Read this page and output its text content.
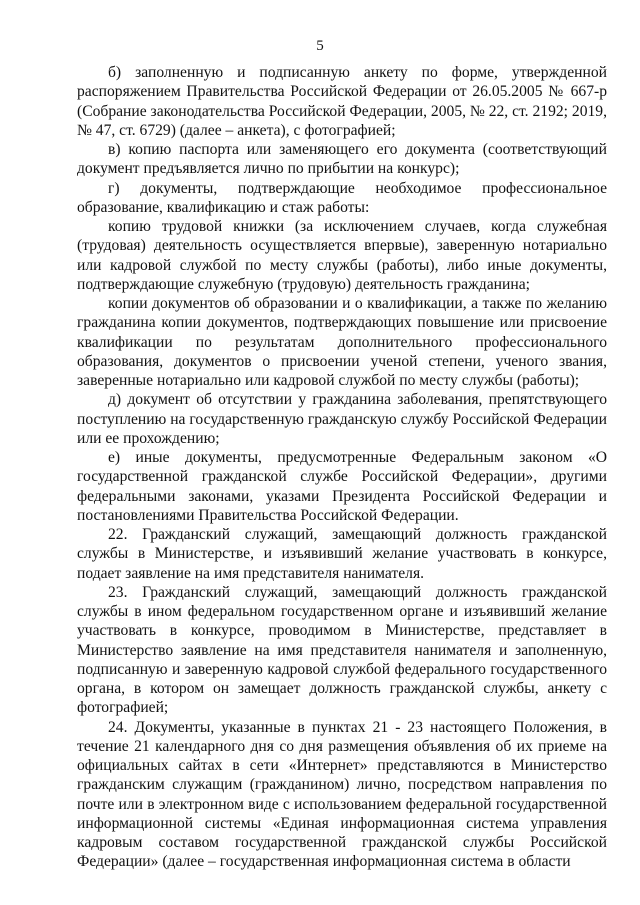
5

б) заполненную и подписанную анкету по форме, утвержденной распоряжением Правительства Российской Федерации от 26.05.2005 № 667-р (Собрание законодательства Российской Федерации, 2005, № 22, ст. 2192; 2019, № 47, ст. 6729) (далее – анкета), с фотографией;

в) копию паспорта или заменяющего его документа (соответствующий документ предъявляется лично по прибытии на конкурс);

г) документы, подтверждающие необходимое профессиональное образование, квалификацию и стаж работы:

копию трудовой книжки (за исключением случаев, когда служебная (трудовая) деятельность осуществляется впервые), заверенную нотариально или кадровой службой по месту службы (работы), либо иные документы, подтверждающие служебную (трудовую) деятельность гражданина;

копии документов об образовании и о квалификации, а также по желанию гражданина копии документов, подтверждающих повышение или присвоение квалификации по результатам дополнительного профессионального образования, документов о присвоении ученой степени, ученого звания, заверенные нотариально или кадровой службой по месту службы (работы);

д) документ об отсутствии у гражданина заболевания, препятствующего поступлению на государственную гражданскую службу Российской Федерации или ее прохождению;

е) иные документы, предусмотренные Федеральным законом «О государственной гражданской службе Российской Федерации», другими федеральными законами, указами Президента Российской Федерации и постановлениями Правительства Российской Федерации.

22. Гражданский служащий, замещающий должность гражданской службы в Министерстве, и изъявивший желание участвовать в конкурсе, подает заявление на имя представителя нанимателя.

23. Гражданский служащий, замещающий должность гражданской службы в ином федеральном государственном органе и изъявивший желание участвовать в конкурсе, проводимом в Министерстве, представляет в Министерство заявление на имя представителя нанимателя и заполненную, подписанную и заверенную кадровой службой федерального государственного органа, в котором он замещает должность гражданской службы, анкету с фотографией;

24. Документы, указанные в пунктах 21 - 23 настоящего Положения, в течение 21 календарного дня со дня размещения объявления об их приеме на официальных сайтах в сети «Интернет» представляются в Министерство гражданским служащим (гражданином) лично, посредством направления по почте или в электронном виде с использованием федеральной государственной информационной системы «Единая информационная система управления кадровым составом государственной гражданской службы Российской Федерации» (далее – государственная информационная система в области
